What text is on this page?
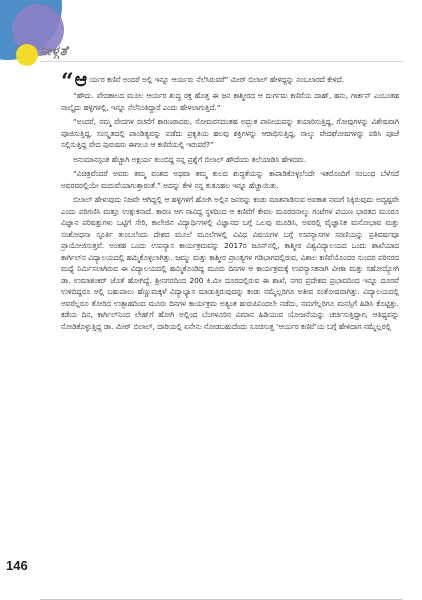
ನೀಳ್ಗತೆ

“ಆ ರ್ಯರ ಕಣಿವೆ ಅಂದರೆ ಅಲ್ಲಿ ಇನ್ನೂ ಆರ್ಯರು ನೆಲೆಸಿರುವರೆ” ಮೀರ್ ಬಿಲಾಲ್ ಹೇಳಿದ್ದನ್ನು ನಂಬಲಾರದೆ ಕೇಳಿದೆ.

“ಹೌದು. ವೇದಕಾಲದ ಮೂಲ ಆರ್ಯರ ಶುದ್ಧ ರಕ್ತ ಹೊತ್ತ ಈ ಜನ ಕಾಶ್ಮೀರದ ಆ ದುರ್ಗಮ ಕಣಿವೆಯ ದಾಹ್, ಹನು, ಗಾರ್ಕನ್ ಎಂಬಂತಹ ನಾಲ್ಕೈದು ಹಳ್ಳಿಗಳಲ್ಲಿ, ಇನ್ನೂ ನೆಲೆನಿಂತಿದ್ದಾರೆ ಎಂದು ಹೇಳಲಾಗುತ್ತಿದೆ.”

“ಅಂದರೆ, ನಮ್ಮ ವೇದಗಳ ರಚನೆಗೆ ಕಾರಣರಾದರು, ಸೋಮರಸದಂತಹ ಅದ್ಭುತ ಪಾನೀಯವನ್ನು ತಯಾರಿಸುತ್ತಿದ್ದ, ಗೋವುಗಳನ್ನು ವಿಶೇಷವಾಗಿ ಪೂಜಿಸುತ್ತಿದ್ದ, ಸಂಸ್ಕೃತದಲ್ಲಿ ಪಾಂಡಿತ್ಯವನ್ನು ಪಡೆದು ಪ್ರಕೃತಿಯ ಹಲವು ಶಕ್ತಿಗಳನ್ನು ಆರಾಧಿಸುತ್ತಿದ್ದ, ನಾಲ್ಕು ವೇದಘೋಷಗಳನ್ನು ಪಠಿಸಿ ಪೂಜೆ ಸಲ್ಲಿಸುತ್ತಿದ್ದ ವೇದ ಪುರುಷರು ಈಗಲೂ ಆ ಕಣಿವೆಯಲ್ಲಿ ಇರುವರೆ?”

ಅನುಮಾನಸ್ಪಂತ ಹೆಚ್ಚಾಗಿ ಅಕ್ಷರ್ಯ ತುಂಬಿದ್ದ ನನ್ನ ಪ್ರಶ್ನೆಗೆ ಬಿಲಾಲ್ ಹೌದೆಂದು ತಲೆಯಾಡಿಸಿ ಹೇಳಿದರು.

“ವಿಚಿತ್ರವೆಂದರೆ ಅವರು ತಮ್ಮ ವಂಶದ ಅಥವಾ ತಮ್ಮ ಕುಲದ ಶುದ್ಧತೆಯನ್ನು ಕಾಪಾಡಿಕೊಳ್ಳಲೆಂದೇ ಇತರೊಂದಿಗೆ ಸಂಬಂಧ ಬೆಳೆಸದೆ ಅವರವರಲ್ಲಿಯೇ ಮದುವೆಯಾಗುತ್ತಾರಂತೆ.” ಅದನ್ನು ಕೇಳಿ ನನ್ನ ಕುತೂಹಲ ಇನ್ನೂ ಹೆಚ್ಚಾಯಿತು.

ಬಿಲಾಲ್ ಹೇಳುವುದು ನಿಜವೇ ಆಗಿದ್ದಲ್ಲಿ ಆ ಹಳ್ಳಿಗಳಿಗೆ ಹೋಗಿ ಅಲ್ಲಿನ ಜನರನ್ನು ಕಂಡು ಮಾತನಾಡಿಸುವ ಅವಕಾಶ ನಮಗೆ ಸಿಕ್ಕಿರುವುದು ಅದೃಷ್ಟವೇ ಎಂದು ಪರಿಗಣಿಸಿ ಮತ್ತೂ ಉತ್ಸುಕನಾದೆ. ಕಾರಣ ಆಗ ನಾವಿದ್ದ ಸ್ಥಳದಿಂದ ಆ ಕಣಿವೆಗೆ ಕೇವಲ ಮೂರರನಾಲ್ಕು ಗಂಟೆಗಳ ಪಯಣ ಭಾರತದ ಮೂರೂ ವಿಜ್ಞಾನ ಪರಿಷತ್ತುಗಳು ಒಟ್ಟಿಗೆ ಸೇರಿ, ಕಾಲೇಜಿನ ವಿದ್ಯಾರ್ಥಿಗಳಲ್ಲಿ ವಿಜ್ಞಾನದ ಬಗ್ಗೆ ಒಲವು ಮೂಡಿಸಿ, ಅವರಲ್ಲಿ ವೈಜ್ಞಾನಿಕ ಮನೋಭಾವ ಮತ್ತು ಸಂಶೋಧನಾ ಸ್ಫೂರ್ತಿ ತುಂಬಲೆಂದು ದೇಶದ ಮೂಲೆ ಮೂಲೆಗಳಲ್ಲಿ ವಿವಿಧ ವಿಷಯಗಳ ಬಗ್ಗೆ ಉಪನ್ಯಾಸಗಳ ಸರಣಿಯನ್ನು ಪ್ರತಿವರ್ಷವೂ ಪ್ರಾಯೋಜಿಸುತ್ತವೆ. ಅಂತಹ ಒಂದು ಉಪನ್ಯಾಸ ಕಾರ್ಯಕ್ರಮವನ್ನು 2017ರ ಜೂನ್‌ನಲ್ಲಿ, ಕಾಶ್ಮೀರ ವಿಶ್ವವಿದ್ಯಾಲಯದ ಒಂದು ಶಾಖೆಯಾದ ಕಾರ್ಗಿಲ್‌ನ ವಿದ್ಯಾಲಯದಲ್ಲಿ ಹಮ್ಮಿಕೊಳ್ಳಲಾಗಿತ್ತು. ಜಮ್ಮು ಮತ್ತು ಕಾಶ್ಮೀರ ಪ್ರಾಂತ್ಯಗಳ ಗಡಿಭಾಗದಲ್ಲಿರುವ, ವಿಶಾಲ ಕಣಿವೆಯೊಂದರ ಸುಂದರ ಪರಿಸರದ ಮಧ್ಯೆ ನಿರ್ಮಿಸಲಾಗಿರುವ ಈ ವಿದ್ಯಾಲಯದಲ್ಲಿ ಹಮ್ಮಿಕೊಂಡಿದ್ದ ಮೂರು ದಿನಗಳ ಆ ಕಾರ್ಯಕ್ರಮಕ್ಕೆ ಉಪನ್ಯಾಸಕನಾಗಿ ವೀಣಾ ಮತ್ತು ಸಹೋದ್ಯೋಗಿ ಡಾ. ಉಮಾಶಂಕರ್ ಜೊತೆ ಹೋಗಿದ್ದೆ. ಶ್ರೀನಗರದಿಂದ 200 ಕಿ.ಮೀ ದೂರದಲ್ಲಿರುವ ಈ ಶಾಖೆ, ನಗರ ಪ್ರದೇಶದ ಪ್ರಭಾವದಿಂದ ಇನ್ನೂ ದೂರವೆ ಉಳಿದಿದ್ದರೂ ಅಲ್ಲಿ ಬಹುಪಾಲು ಹೆಣ್ಣುಮಕ್ಕಳೆ ವಿದ್ಯಾಭ್ಯಾಸ ಮಾಡುತ್ತಿರುವುದನ್ನು ಕಂಡು ನಮ್ಮೆಲ್ಲರಿಗೂ ಅತೀವ ಸಂತೋಷವಾಗಿತ್ತು. ವಿದ್ಯಾಲಯದಲ್ಲಿ ಅವರೆಲ್ಲರೂ ತೋರಿದ ಉತ್ಸಾಹದಿಂದ ಮೂರು ದಿನಗಳ ಕಾರ್ಯಕ್ರಮ ಅತ್ಯಂತ ಹುರುಪಿನಿಂದಲೇ ನಡೆದು, ನಮಗೆಲ್ಲರಿಗೂ ಮನಸ್ಸಿಗೆ ಹಿಡಿಸಿ ಕೊಟ್ಟಿತ್ತು. ಕಡೆಯ ದಿನ, ಕಾರ್ಗಿಲ್‌ನಿಂದ ಲೇಹ್‌ಗೆ ಹೋಗಿ ಅಲ್ಲಿಂದ ಬೆಂಗಳೂರಿನ ವಿಮಾನ ಹಿಡಿಯುವ ಯೋಜನೆಯನ್ನು ಚರ್ಚಿಸುತ್ತಿದ್ದಾಗ, ಆತಿಥ್ಯವನ್ನು ನೋಡಿಕೊಳ್ಳುತ್ತಿದ್ದ ಡಾ. ಮೀರ್ ಬಿಲಾಲ್, ದಾರಿಯಲ್ಲಿ ಏನೇನು ನೋಡಬಹುದೆಂದು ಸೂಚಿಸುತ್ತ ‘ಆರ್ಯರ ಕಣಿವೆ’ಯ ಬಗ್ಗೆ ಹೇಳಿದಾಗ ನಮ್ಮೆಲ್ಲರಲ್ಲಿ

146
